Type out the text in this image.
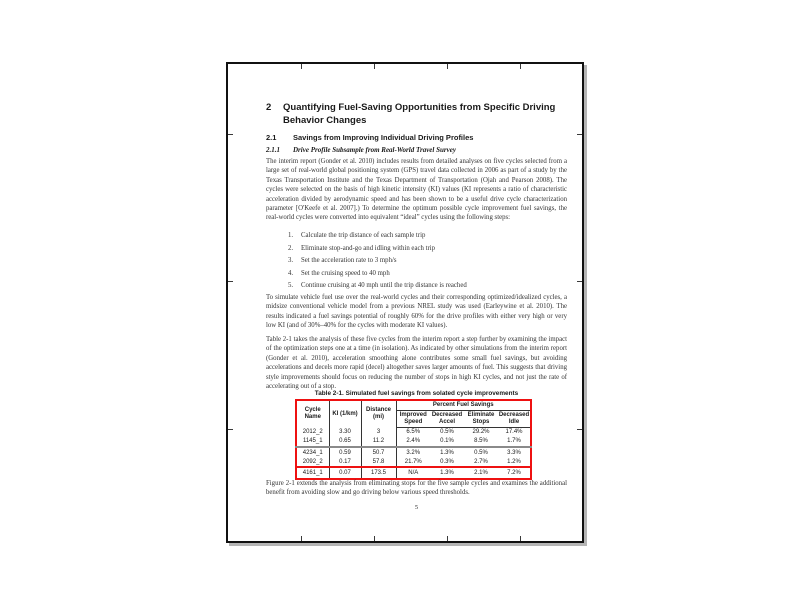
2	Quantifying Fuel-Saving Opportunities from Specific Driving Behavior Changes
2.1	Savings from Improving Individual Driving Profiles
2.1.1	Drive Profile Subsample from Real-World Travel Survey

The interim report (Gonder et al. 2010) includes results from detailed analyses on five cycles selected from a large set of real-world global positioning system (GPS) travel data collected in 2006 as part of a study by the Texas Transportation Institute and the Texas Department of Transportation (Ojah and Pearson 2008). The cycles were selected on the basis of high kinetic intensity (KI) values (KI represents a ratio of characteristic acceleration divided by aerodynamic speed and has been shown to be a useful drive cycle characterization parameter [O'Keefe et al. 2007].) To determine the optimum possible cycle improvement fuel savings, the real-world cycles were converted into equivalent “ideal” cycles using the following steps:

Calculate the trip distance of each sample trip
Eliminate stop-and-go and idling within each trip
Set the acceleration rate to 3 mph/s
Set the cruising speed to 40 mph
Continue cruising at 40 mph until the trip distance is reached

To simulate vehicle fuel use over the real-world cycles and their corresponding optimized/idealized cycles, a midsize conventional vehicle model from a previous NREL study was used (Earleywine et al. 2010). The results indicated a fuel savings potential of roughly 60% for the drive profiles with either very high or very low KI (and of 30%–40% for the cycles with moderate KI values).

Table 2-1 takes the analysis of these five cycles from the interim report a step further by examining the impact of the optimization steps one at a time (in isolation). As indicated by other simulations from the interim report (Gonder et al. 2010), acceleration smoothing alone contributes some small fuel savings, but avoiding accelerations and decels more rapid (decel) altogether saves larger amounts of fuel. This suggests that driving style improvements should focus on reducing the number of stops in high KI cycles, and not just the rate of accelerating out of a stop.

Table 2-1. Simulated fuel savings from solated cycle improvements
Cycle Name	KI (1/km)	Distance (mi)	Percent Fuel Savings			
			Improved Speed	Decreased Accel	Eliminate Stops	Decreased Idle
2012_2	3.30	3	6.5%	0.5%	29.2%	17.4%
1145_1	0.65	11.2	2.4%	0.1%	8.5%	1.7%
4234_1	0.59	50.7	3.2%	1.3%	0.5%	3.3%
2092_2	0.17	57.8	21.7%	0.3%	2.7%	1.2%
4161_1	0.07	173.5	N/A	1.3%	2.1%	7.2%

Figure 2-1 extends the analysis from eliminating stops for the five sample cycles and examines the additional benefit from avoiding slow and go driving below various speed thresholds.

5
